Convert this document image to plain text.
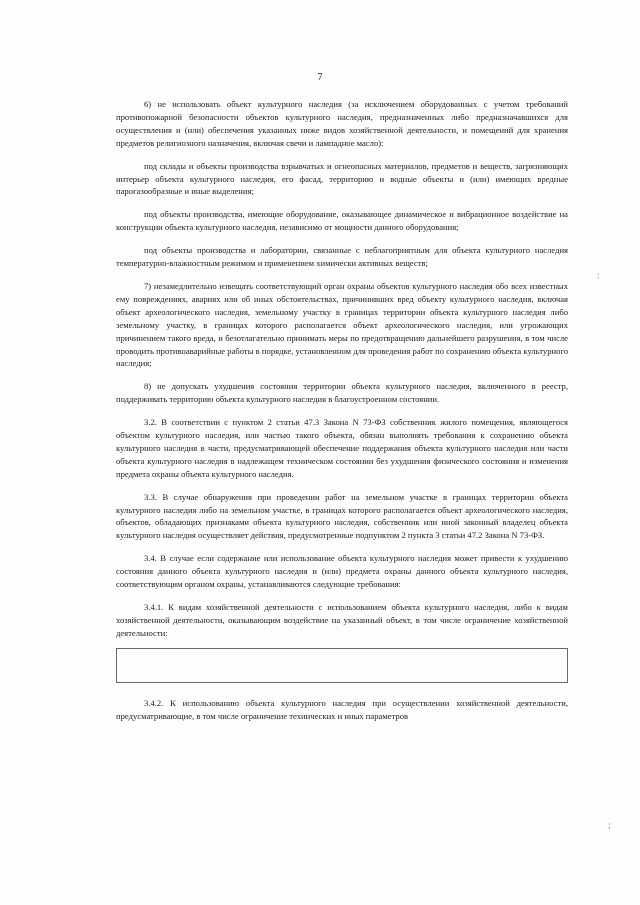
7
:
;

6) не использовать объект культурного наследия (за исключением оборудованных с учетом требований противопожарной безопасности объектов культурного наследия, предназначенных либо предназначавшихся для осуществления и (или) обеспечения указанных ниже видов хозяйственной деятельности, и помещений для хранения предметов религиозного назначения, включая свечи и лампадное масло):

под склады и объекты производства взрывчатых и огнеопасных материалов, предметов и веществ, загрязняющих интерьер объекта культурного наследия, его фасад, территорию и водные объекты и (или) имеющих вредные парогазообразные и иные выделения;

под объекты производства, имеющие оборудование, оказывающее динамическое и вибрационное воздействие на конструкции объекта культурного наследия, независимо от мощности данного оборудования;

под объекты производства и лаборатории, связанные с неблагоприятным для объекта культурного наследия температурно-влажностным режимом и применением химически активных веществ;

7) незамедлительно извещать соответствующий орган охраны объектов культурного наследия обо всех известных ему повреждениях, авариях или об иных обстоятельствах, причинивших вред объекту культурного наследия, включая объект археологического наследия, земельному участку в границах территории объекта культурного наследия либо земельному участку, в границах которого располагается объект археологического наследия, или угрожающих причинением такого вреда, и безотлагательно принимать меры по предотвращению дальнейшего разрушения, в том числе проводить противоаварийные работы в порядке, установленном для проведения работ по сохранению объекта культурного наследия;

8) не допускать ухудшения состояния территории объекта культурного наследия, включенного в реестр, поддерживать территорию объекта культурного наследия в благоустроенном состоянии.

3.2. В соответствии с пунктом 2 статьи 47.3 Закона N 73-ФЗ собственник жилого помещения, являющегося объектом культурного наследия, или частью такого объекта, обязан выполнять требования к сохранению объекта культурного наследия в части, предусматривающей обеспечение поддержания объекта культурного наследия или части объекта культурного наследия в надлежащем техническом состоянии без ухудшения физического состояния и изменения предмета охраны объекта культурного наследия.

3.3. В случае обнаружения при проведении работ на земельном участке в границах территории объекта культурного наследия либо на земельном участке, в границах которого располагается объект археологического наследия, объектов, обладающих признаками объекта культурного наследия, собственник или иной законный владелец объекта культурного наследия осуществляет действия, предусмотренные подпунктом 2 пункта 3 статьи 47.2 Закона N 73-ФЗ.

3.4. В случае если содержание или использование объекта культурного наследия может привести к ухудшению состояния данного объекта культурного наследия и (или) предмета охраны данного объекта культурного наследия, соответствующим органом охраны, устанавливаются следующие требования:

3.4.1. К видам хозяйственной деятельности с использованием объекта культурного наследия, либо к видам хозяйственной деятельности, оказывающим воздействие на указанный объект, в том числе ограничение хозяйственной деятельности:

3.4.2. К использованию объекта культурного наследия при осуществлении хозяйственной деятельности, предусматривающие, в том числе ограничение технических и иных параметров
